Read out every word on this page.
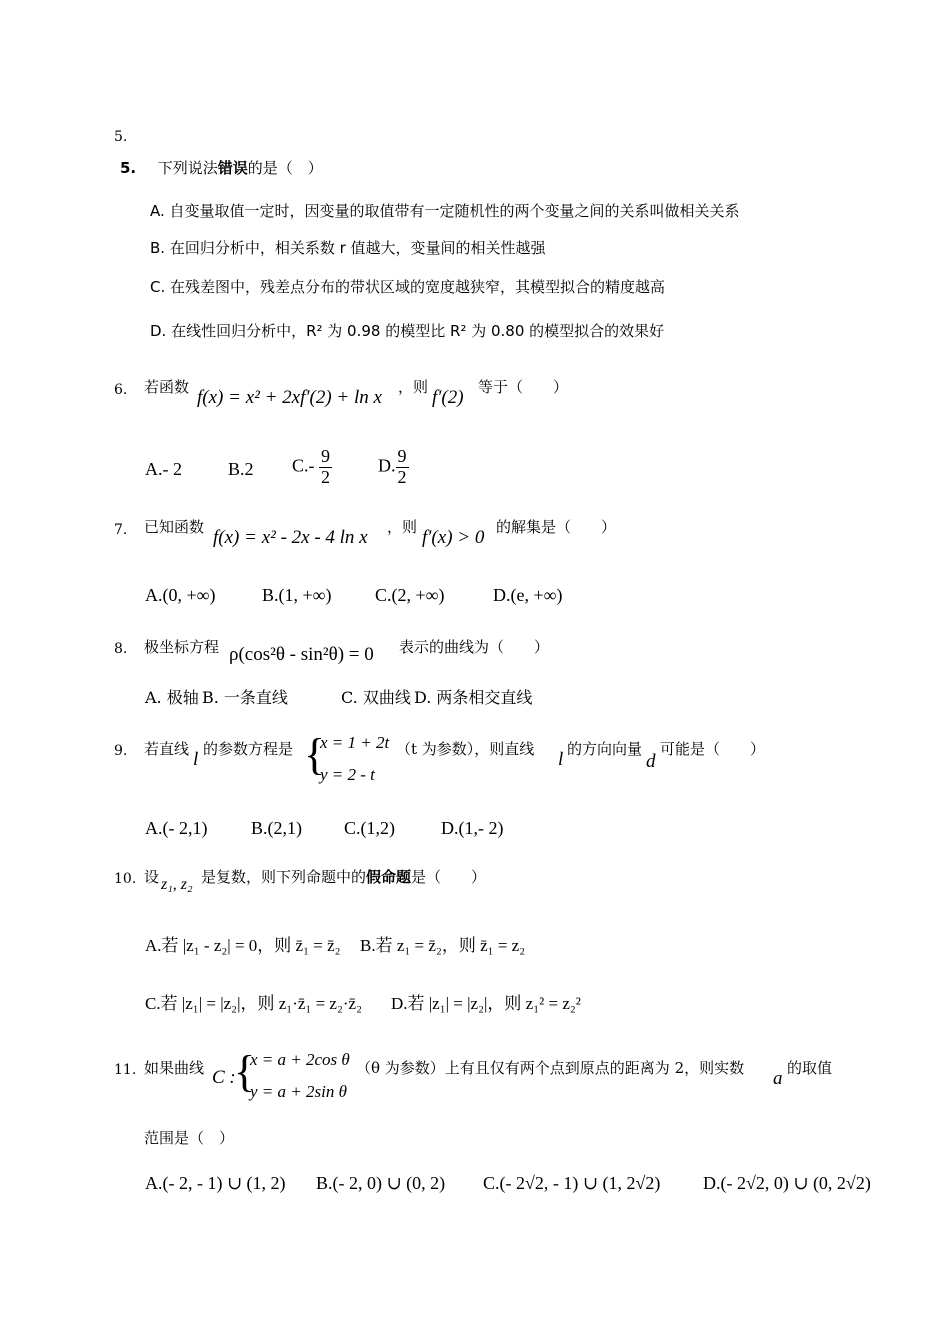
5.
5. 下列说法错误的是（　）
A. 自变量取值一定时，因变量的取值带有一定随机性的两个变量之间的关系叫做相关关系
B. 在回归分析中，相关系数 r 值越大，变量间的相关性越强
C. 在残差图中，残差点分布的带状区域的宽度越狭窄，其模型拟合的精度越高
D. 在线性回归分析中，R² 为 0.98 的模型比 R² 为 0.80 的模型拟合的效果好
6. 若函数 f(x) = x² + 2xf′(2) + ln x ，则 f′(2) 等于（　　）
A.- 2	B.2 $C.- \frac{9}{2}$	D. $\frac{9}{2}$
7. 已知函数 f(x) = x² - 2x - 4 ln x ，则 f′(x) > 0 的解集是（　　）
A.(0, +∞)	B.(1, +∞) C.(2, +∞)	D.(e, +∞)
8. 极坐标方程 ρ(cos²θ - sin²θ) = 0 表示的曲线为（　　）
A. 极轴 B. 一条直线	C. 双曲线 D. 两条相交直线
9. 若直线 l 的参数方程是 {
x = 1 + 2t
y = 2 - t
（t 为参数），则直线 l 的方向向量
d
可能是（　　）
A.(- 2,1) B.(2,1) C.(1,2)	D.(1,- 2)
10. 设 z₁, z₂ 是复数，则下列命题中的假命题是（　　）
A.若 |z₁ - z₂| = 0，则 z̄₁ = z̄₂ B.若 z₁ = z̄₂，则 z̄₁ = z₂
C.若 |z₁| = |z₂|，则 z₁·z̄₁ = z₂·z̄₂ D.若 |z₁| = |z₂|，则 z₁² = z₂²
11. 如果曲线 C :
{
x = a + 2cos θ
y = a + 2sin θ
（θ 为参数）上有且仅有两个点到原点的距离为 2，则实数 a 的取值
范围是（　）
A.(- 2, - 1) ∪ (1, 2) B.(- 2, 0) ∪ (0, 2) C.(- 2√2, - 1) ∪ (1, 2√2) D.(- 2√2, 0) ∪ (0, 2√2)
